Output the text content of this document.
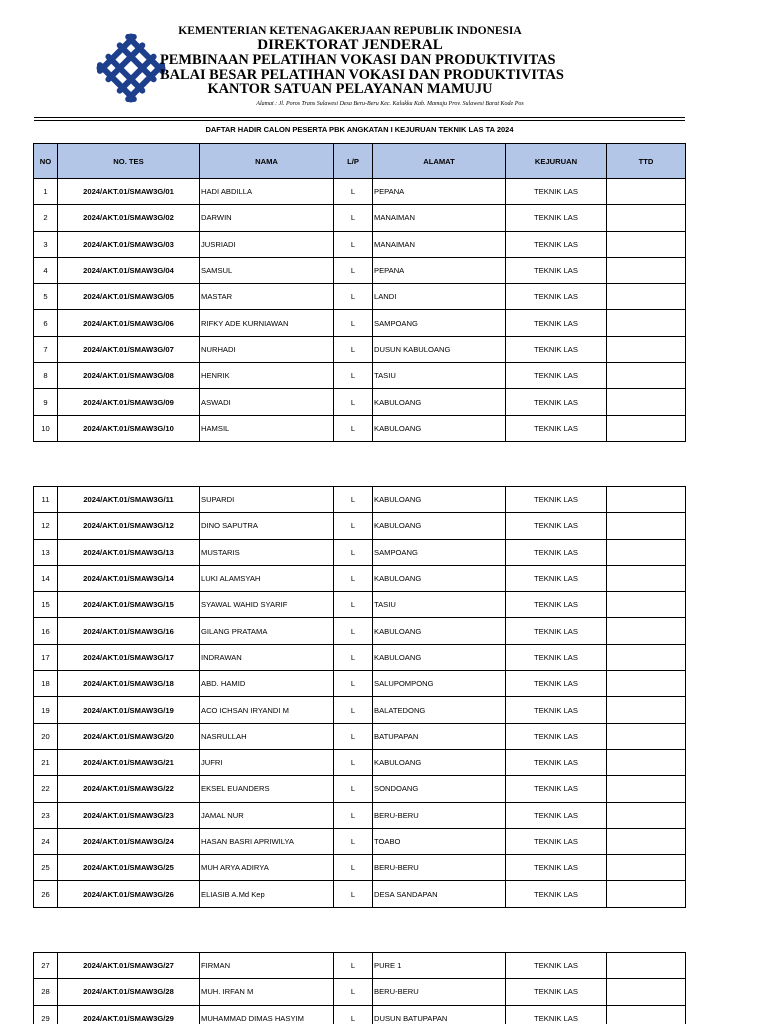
KEMENTERIAN KETENAGAKERJAAN REPUBLIK INDONESIA
DIREKTORAT JENDERAL
PEMBINAAN PELATIHAN VOKASI DAN PRODUKTIVITAS
BALAI BESAR PELATIHAN VOKASI DAN PRODUKTIVITAS
KANTOR SATUAN PELAYANAN MAMUJU
Alamat : Jl. Poros Trans Sulawesi Desa Beru-Beru Kec. Kalukku Kab. Mamuju Prov. Sulawesi Barat Kode Pos
DAFTAR HADIR CALON PESERTA PBK ANGKATAN I KEJURUAN TEKNIK LAS TA 2024
NO	NO. TES	NAMA	L/P	ALAMAT	KEJURUAN	TTD
1	2024/AKT.01/SMAW3G/01	HADI ABDILLA	L	PEPANA	TEKNIK LAS	
2	2024/AKT.01/SMAW3G/02	DARWIN	L	MANAIMAN	TEKNIK LAS	
3	2024/AKT.01/SMAW3G/03	JUSRIADI	L	MANAIMAN	TEKNIK LAS	
4	2024/AKT.01/SMAW3G/04	SAMSUL	L	PEPANA	TEKNIK LAS	
5	2024/AKT.01/SMAW3G/05	MASTAR	L	LANDI	TEKNIK LAS	
6	2024/AKT.01/SMAW3G/06	RIFKY ADE KURNIAWAN	L	SAMPOANG	TEKNIK LAS	
7	2024/AKT.01/SMAW3G/07	NURHADI	L	DUSUN KABULOANG	TEKNIK LAS	
8	2024/AKT.01/SMAW3G/08	HENRIK	L	TASIU	TEKNIK LAS	
9	2024/AKT.01/SMAW3G/09	ASWADI	L	KABULOANG	TEKNIK LAS	
10	2024/AKT.01/SMAW3G/10	HAMSIL	L	KABULOANG	TEKNIK LAS	
11	2024/AKT.01/SMAW3G/11	SUPARDI	L	KABULOANG	TEKNIK LAS	
12	2024/AKT.01/SMAW3G/12	DINO SAPUTRA	L	KABULOANG	TEKNIK LAS	
13	2024/AKT.01/SMAW3G/13	MUSTARIS	L	SAMPOANG	TEKNIK LAS	
14	2024/AKT.01/SMAW3G/14	LUKI ALAMSYAH	L	KABULOANG	TEKNIK LAS	
15	2024/AKT.01/SMAW3G/15	SYAWAL WAHID SYARIF	L	TASIU	TEKNIK LAS	
16	2024/AKT.01/SMAW3G/16	GILANG PRATAMA	L	KABULOANG	TEKNIK LAS	
17	2024/AKT.01/SMAW3G/17	INDRAWAN	L	KABULOANG	TEKNIK LAS	
18	2024/AKT.01/SMAW3G/18	ABD. HAMID	L	SALUPOMPONG	TEKNIK LAS	
19	2024/AKT.01/SMAW3G/19	ACO ICHSAN IRYANDI M	L	BALATEDONG	TEKNIK LAS	
20	2024/AKT.01/SMAW3G/20	NASRULLAH	L	BATUPAPAN	TEKNIK LAS	
21	2024/AKT.01/SMAW3G/21	JUFRI	L	KABULOANG	TEKNIK LAS	
22	2024/AKT.01/SMAW3G/22	EKSEL EUANDERS	L	SONDOANG	TEKNIK LAS	
23	2024/AKT.01/SMAW3G/23	JAMAL NUR	L	BERU-BERU	TEKNIK LAS	
24	2024/AKT.01/SMAW3G/24	HASAN BASRI APRIWILYA	L	TOABO	TEKNIK LAS	
25	2024/AKT.01/SMAW3G/25	MUH ARYA ADIRYA	L	BERU-BERU	TEKNIK LAS	
26	2024/AKT.01/SMAW3G/26	ELIASIB A.Md Kep	L	DESA SANDAPAN	TEKNIK LAS	
27	2024/AKT.01/SMAW3G/27	FIRMAN	L	PURE 1	TEKNIK LAS	
28	2024/AKT.01/SMAW3G/28	MUH. IRFAN M	L	BERU-BERU	TEKNIK LAS	
29	2024/AKT.01/SMAW3G/29	MUHAMMAD DIMAS HASYIM	L	DUSUN BATUPAPAN	TEKNIK LAS	
